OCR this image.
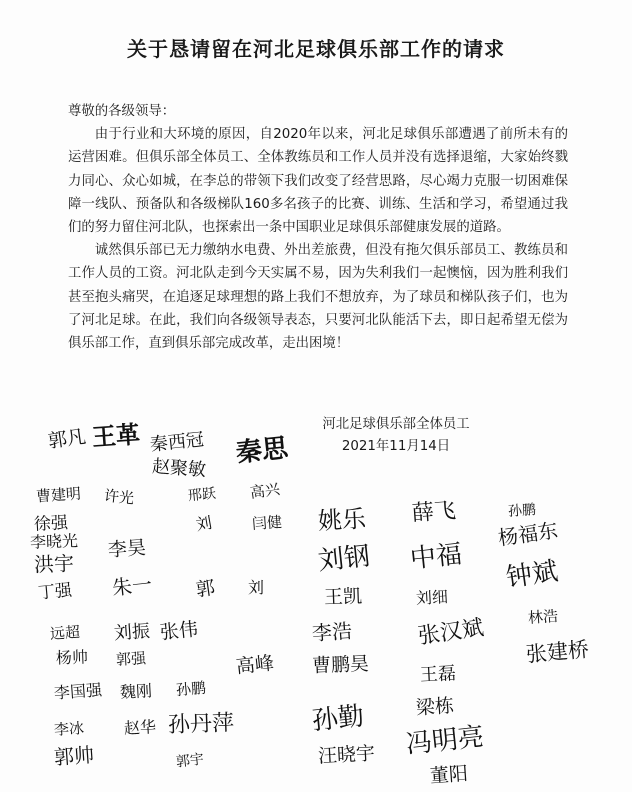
关于恳请留在河北足球俱乐部工作的请求

尊敬的各级领导：

由于行业和大环境的原因，自2020年以来，河北足球俱乐部遭遇了前所未有的运营困难。但俱乐部全体员工、全体教练员和工作人员并没有选择退缩，大家始终戮力同心、众心如城，在李总的带领下我们改变了经营思路，尽心竭力克服一切困难保障一线队、预备队和各级梯队160多名孩子的比赛、训练、生活和学习，希望通过我们的努力留住河北队，也探索出一条中国职业足球俱乐部健康发展的道路。

诚然俱乐部已无力缴纳水电费、外出差旅费，但没有拖欠俱乐部员工、教练员和工作人员的工资。河北队走到今天实属不易，因为失利我们一起懊恼，因为胜利我们甚至抱头痛哭，在追逐足球理想的路上我们不想放弃，为了球员和梯队孩子们，也为了河北足球。在此，我们向各级领导表态，只要河北队能活下去，即日起希望无偿为俱乐部工作，直到俱乐部完成改革，走出困境！

河北足球俱乐部全体员工
2021年11月14日
郭凡 王革 秦西冠
赵聚敏 秦思
曹建明 许光	邢跃 高兴
徐强
李晓光
洪宇
李昊
刘	闫健
丁强 朱一 郭 刘
远超
杨帅
刘振 张伟
郭强	高峰
李国强 魏刚 孙鹏
李冰
郭帅
赵华 孙丹萍
郭宇
姚乐
刘钢
王凯
李浩
曹鹏昊
孙勤
汪晓宇
薛飞
中福
刘细
张汉斌
王磊
梁栋
冯明亮
董阳
孙鹏
杨福东
钟斌
林浩
张建桥
